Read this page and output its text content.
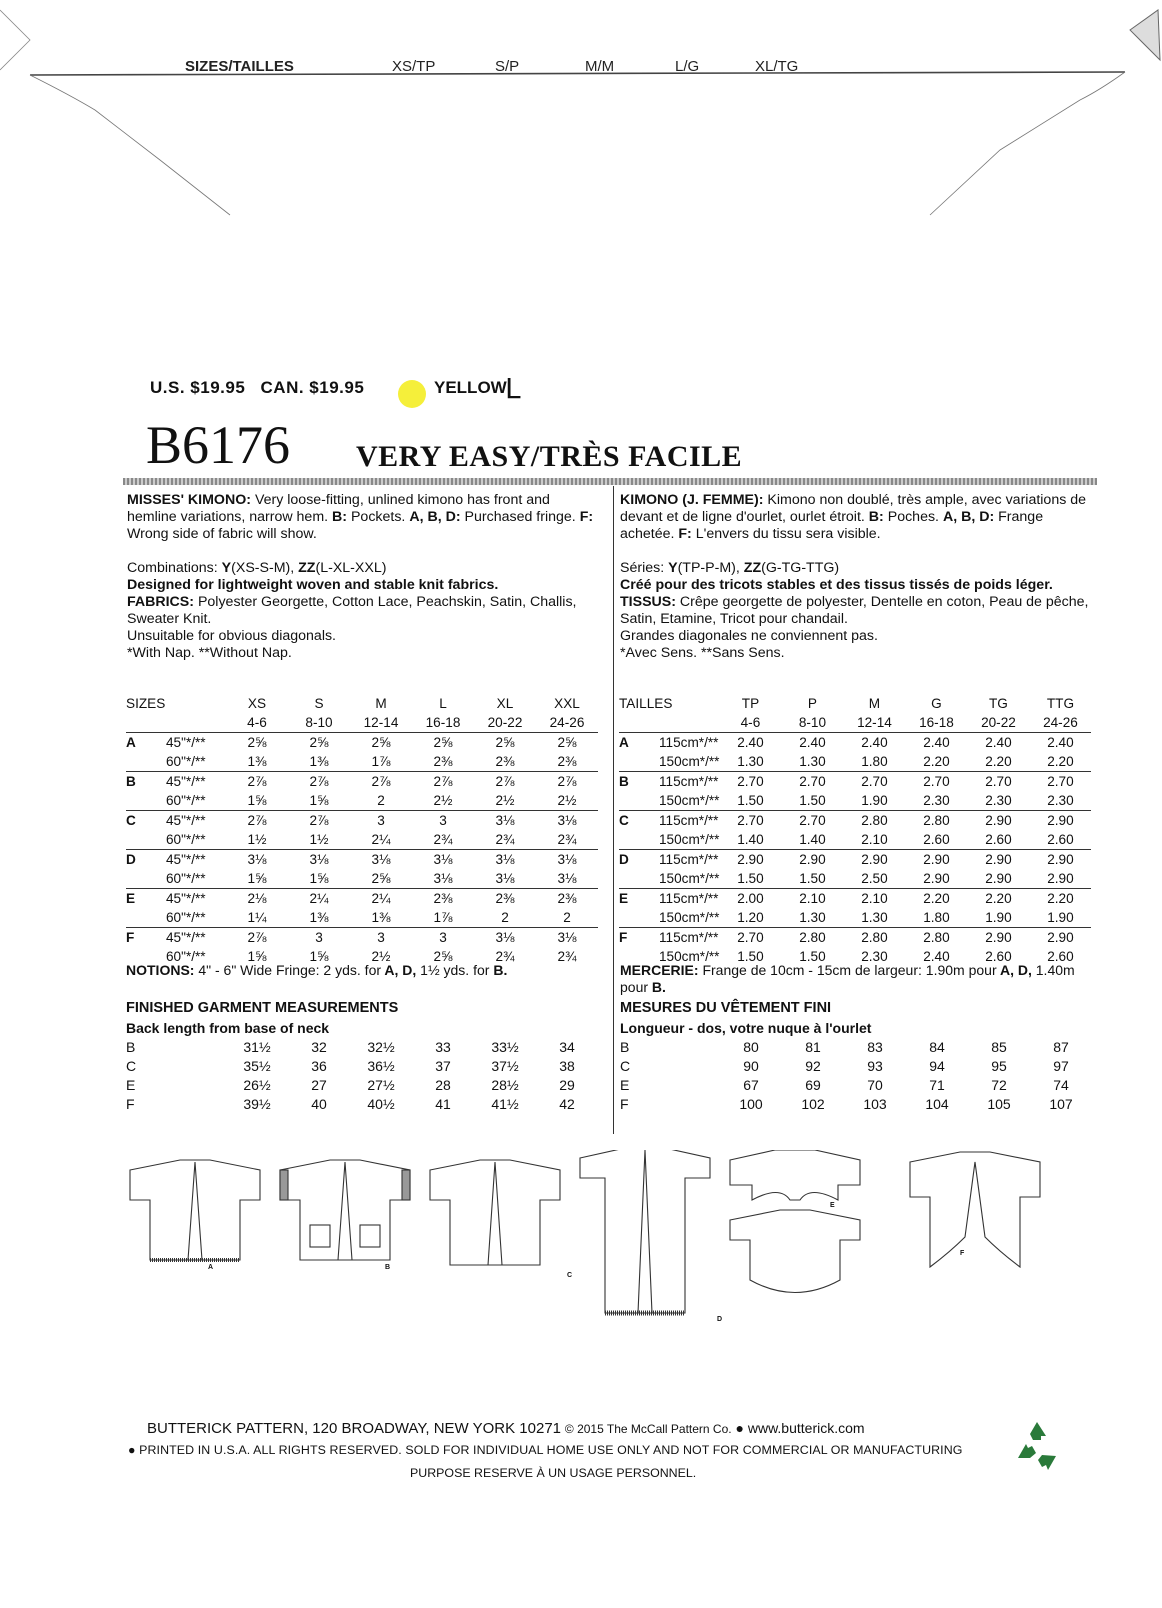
SIZES/TAILLES	XS/TP	S/P	M/M	L/G	XL/TG
U.S. $19.95 CAN. $19.95	YELLOW
L
B6176 VERY EASY/TRÈS FACILE

MISSES' KIMONO: Very loose-fitting, unlined kimono has front and hemline variations, narrow hem. B: Pockets. A, B, D: Purchased fringe. F: Wrong side of fabric will show.

Combinations: Y(XS-S-M), ZZ(L-XL-XXL)

Designed for lightweight woven and stable knit fabrics.

FABRICS: Polyester Georgette, Cotton Lace, Peachskin, Satin, Challis, Sweater Knit.

Unsuitable for obvious diagonals.

*With Nap. **Without Nap.

KIMONO (J. FEMME): Kimono non doublé, très ample, avec variations de devant et de ligne d'ourlet, ourlet étroit. B: Poches. A, B, D: Frange achetée. F: L'envers du tissu sera visible.

Séries: Y(TP-P-M), ZZ(G-TG-TTG)

Créé pour des tricots stables et des tissus tissés de poids léger.

TISSUS: Crêpe georgette de polyester, Dentelle en coton, Peau de pêche, Satin, Etamine, Tricot pour chandail.

Grandes diagonales ne conviennent pas.

*Avec Sens. **Sans Sens.

SIZES		XS	S	M	L	XL	XXL
		4-6	8-10	12-14	16-18	20-22	24-26
A	45"*/**	2⅝	2⅝	2⅝	2⅝	2⅝	2⅝
	60"*/**	1⅜	1⅜	1⅞	2⅜	2⅜	2⅜
B	45"*/**	2⅞	2⅞	2⅞	2⅞	2⅞	2⅞
	60"*/**	1⅝	1⅝	2	2½	2½	2½
C	45"*/**	2⅞	2⅞	3	3	3⅛	3⅛
	60"*/**	1½	1½	2¼	2¾	2¾	2¾
D	45"*/**	3⅛	3⅛	3⅛	3⅛	3⅛	3⅛
	60"*/**	1⅝	1⅝	2⅝	3⅛	3⅛	3⅛
E	45"*/**	2⅛	2¼	2¼	2⅜	2⅜	2⅜
	60"*/**	1¼	1⅜	1⅜	1⅞	2	2
F	45"*/**	2⅞	3	3	3	3⅛	3⅛
	60"*/**	1⅝	1⅝	2½	2⅝	2¾	2¾
TAILLES		TP	P	M	G	TG	TTG
		4-6	8-10	12-14	16-18	20-22	24-26
A	115cm*/**	2.40	2.40	2.40	2.40	2.40	2.40
	150cm*/**	1.30	1.30	1.80	2.20	2.20	2.20
B	115cm*/**	2.70	2.70	2.70	2.70	2.70	2.70
	150cm*/**	1.50	1.50	1.90	2.30	2.30	2.30
C	115cm*/**	2.70	2.70	2.80	2.80	2.90	2.90
	150cm*/**	1.40	1.40	2.10	2.60	2.60	2.60
D	115cm*/**	2.90	2.90	2.90	2.90	2.90	2.90
	150cm*/**	1.50	1.50	2.50	2.90	2.90	2.90
E	115cm*/**	2.00	2.10	2.10	2.20	2.20	2.20
	150cm*/**	1.20	1.30	1.30	1.80	1.90	1.90
F	115cm*/**	2.70	2.80	2.80	2.80	2.90	2.90
	150cm*/**	1.50	1.50	2.30	2.40	2.60	2.60
NOTIONS: 4" - 6" Wide Fringe: 2 yds. for A, D, 1½ yds. for B.	MERCERIE: Frange de 10cm - 15cm de largeur: 1.90m pour A, D, 1.40m pour B.
FINISHED GARMENT MEASUREMENTS	MESURES DU VÊTEMENT FINI
Back length from base of neck	Longueur - dos, votre nuque à l'ourlet
B	31½	32	32½	33	33½	34
C	35½	36	36½	37	37½	38
E	26½	27	27½	28	28½	29
F	39½	40	40½	41	41½	42
B	80	81	83	84	85	87
C	90	92	93	94	95	97
E	67	69	70	71	72	74
F	100	102	103	104	105	107
A	B
C
D
E
F
BUTTERICK PATTERN, 120 BROADWAY, NEW YORK 10271 © 2015 The McCall Pattern Co. ● www.butterick.com
● PRINTED IN U.S.A. ALL RIGHTS RESERVED. SOLD FOR INDIVIDUAL HOME USE ONLY AND NOT FOR COMMERCIAL OR MANUFACTURING
PURPOSE RESERVE À UN USAGE PERSONNEL.
